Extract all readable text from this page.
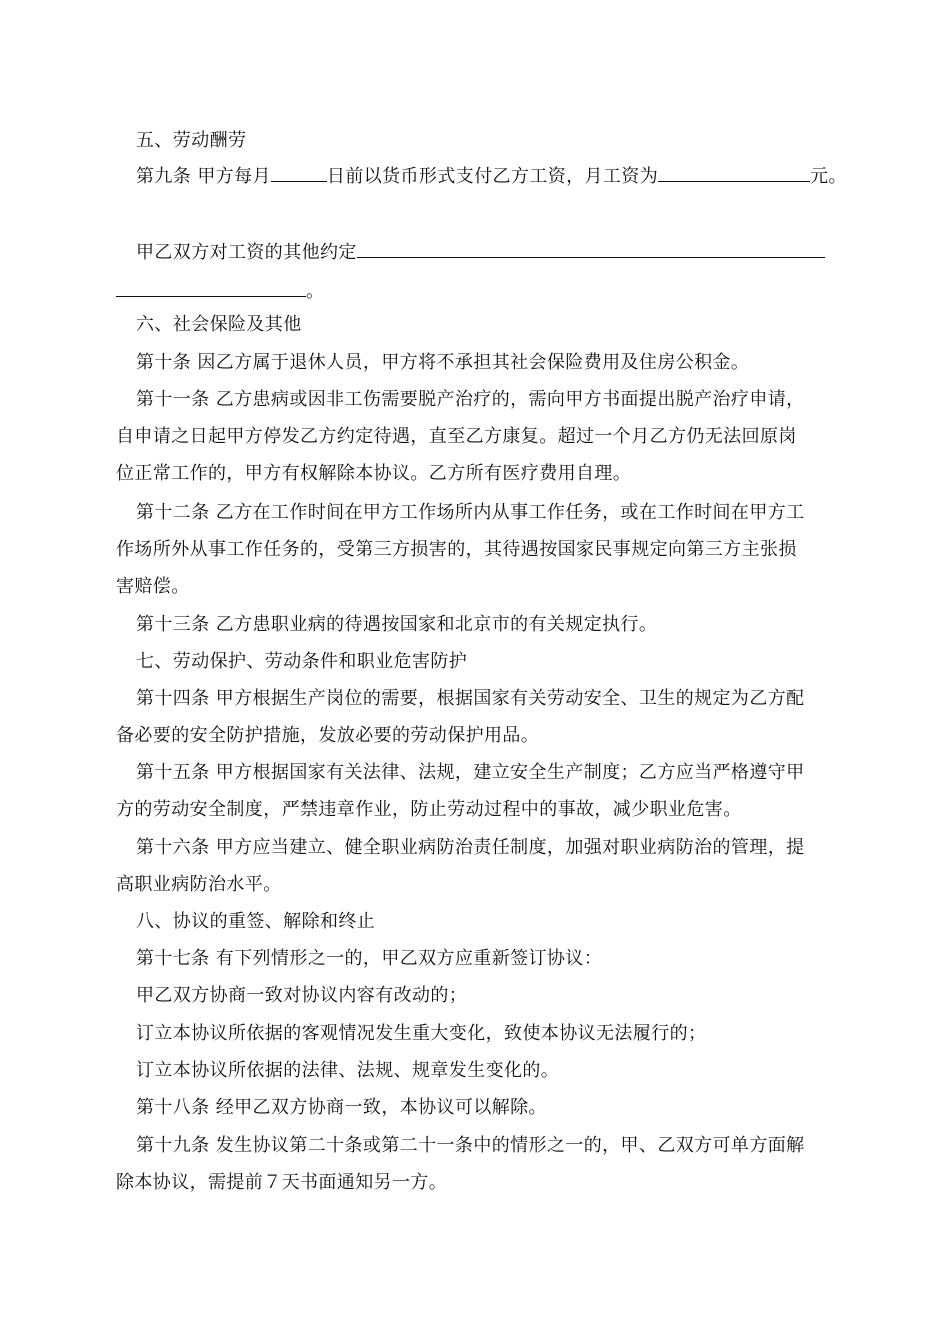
五、劳动酬劳
第九条 甲方每月	日前以货币形式支付乙方工资，月工资为	元。
甲乙双方对工资的其他约定
。
六、社会保险及其他
第十条 因乙方属于退休人员，甲方将不承担其社会保险费用及住房公积金。
第十一条 乙方患病或因非工伤需要脱产治疗的，需向甲方书面提出脱产治疗申请，
自申请之日起甲方停发乙方约定待遇，直至乙方康复。超过一个月乙方仍无法回原岗
位正常工作的，甲方有权解除本协议。乙方所有医疗费用自理。
第十二条 乙方在工作时间在甲方工作场所内从事工作任务，或在工作时间在甲方工
作场所外从事工作任务的，受第三方损害的，其待遇按国家民事规定向第三方主张损
害赔偿。
第十三条 乙方患职业病的待遇按国家和北京市的有关规定执行。
七、劳动保护、劳动条件和职业危害防护
第十四条 甲方根据生产岗位的需要，根据国家有关劳动安全、卫生的规定为乙方配
备必要的安全防护措施，发放必要的劳动保护用品。
第十五条 甲方根据国家有关法律、法规，建立安全生产制度；乙方应当严格遵守甲
方的劳动安全制度，严禁违章作业，防止劳动过程中的事故，减少职业危害。
第十六条 甲方应当建立、健全职业病防治责任制度，加强对职业病防治的管理，提
高职业病防治水平。
八、协议的重签、解除和终止
第十七条 有下列情形之一的，甲乙双方应重新签订协议：
甲乙双方协商一致对协议内容有改动的；
订立本协议所依据的客观情况发生重大变化，致使本协议无法履行的；
订立本协议所依据的法律、法规、规章发生变化的。
第十八条 经甲乙双方协商一致，本协议可以解除。
第十九条 发生协议第二十条或第二十一条中的情形之一的，甲、乙双方可单方面解
除本协议，需提前７天书面通知另一方。
